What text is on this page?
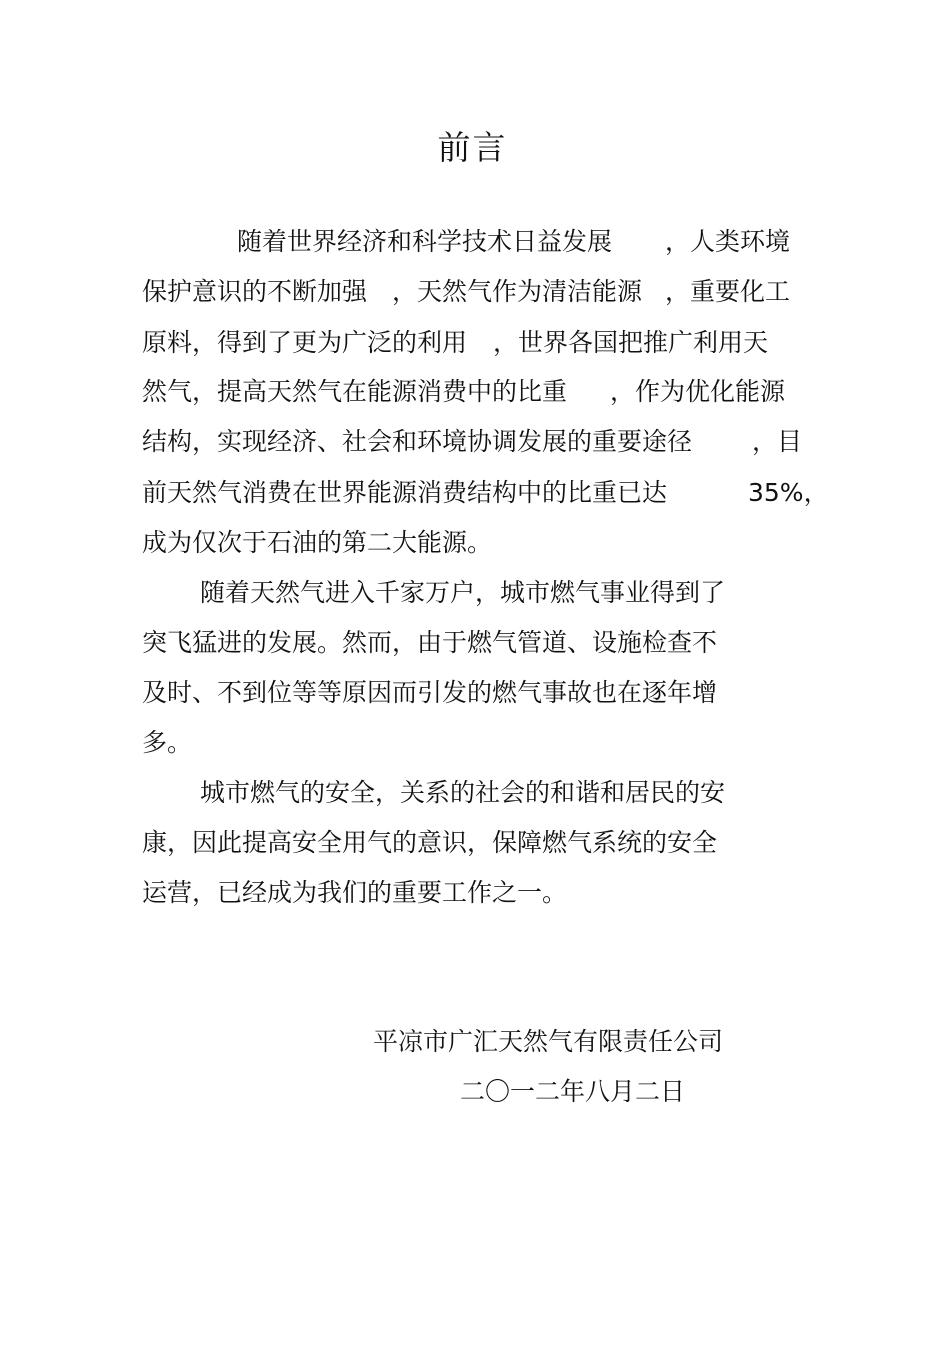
前言
随着世界经济和科学技术日益发展 ，人类环境
保护意识的不断加强 ，天然气作为清洁能源 ，重要化工
原料，得到了更为广泛的利用 ，世界各国把推广利用天
然气，提高天然气在能源消费中的比重 ，作为优化能源
结构，实现经济、社会和环境协调发展的重要途径 ，目
前天然气消费在世界能源消费结构中的比重已达	35%，
成为仅次于石油的第二大能源。
随着天然气进入千家万户，城市燃气事业得到了
突飞猛进的发展。然而，由于燃气管道、设施检查不
及时、不到位等等原因而引发的燃气事故也在逐年增
多。
城市燃气的安全，关系的社会的和谐和居民的安
康，因此提高安全用气的意识，保障燃气系统的安全
运营，已经成为我们的重要工作之一。
平凉市广汇天然气有限责任公司
二〇一二年八月二日
